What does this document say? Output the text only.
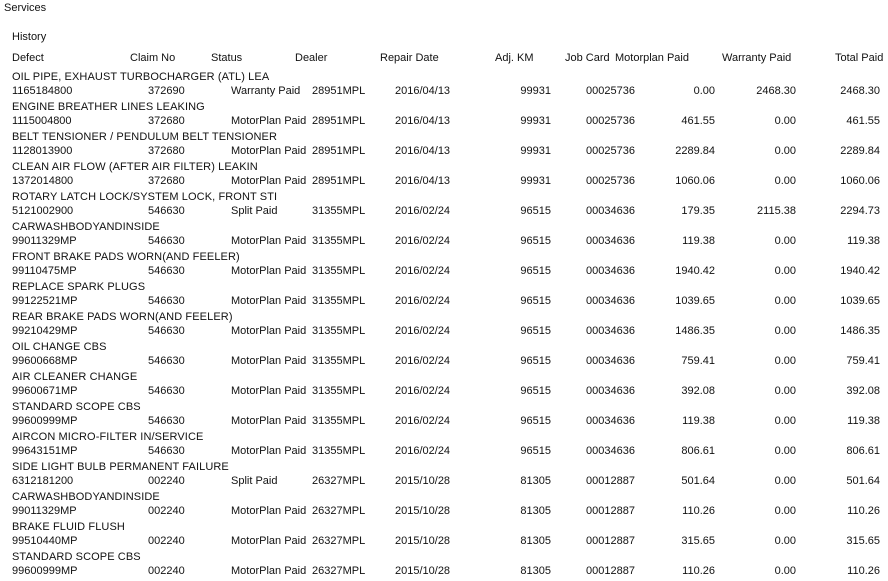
Services
History
Defect	Claim No	Status	Dealer	Repair Date	Adj. KM	Job Card Motorplan Paid	Warranty Paid	Total Paid
OIL PIPE, EXHAUST TURBOCHARGER (ATL) LEA
1165184800	372690	Warranty Paid 28951MPL	2016/04/13	99931	00025736	0.00	2468.30	2468.30
ENGINE BREATHER LINES LEAKING
1115004800	372680	MotorPlan Paid 28951MPL	2016/04/13	99931	00025736	461.55	0.00	461.55
BELT TENSIONER / PENDULUM BELT TENSIONER
1128013900	372680	MotorPlan Paid 28951MPL	2016/04/13	99931	00025736	2289.84	0.00	2289.84
CLEAN AIR FLOW (AFTER AIR FILTER) LEAKIN
1372014800	372680	MotorPlan Paid 28951MPL	2016/04/13	99931	00025736	1060.06	0.00	1060.06
ROTARY LATCH LOCK/SYSTEM LOCK, FRONT STI
5121002900	546630	Split Paid	31355MPL	2016/02/24	96515	00034636	179.35	2115.38	2294.73
CARWASHBODYANDINSIDE
99011329MP	546630	MotorPlan Paid 31355MPL	2016/02/24	96515	00034636	119.38	0.00	119.38
FRONT BRAKE PADS WORN(AND FEELER)
99110475MP	546630	MotorPlan Paid 31355MPL	2016/02/24	96515	00034636	1940.42	0.00	1940.42
REPLACE SPARK PLUGS
99122521MP	546630	MotorPlan Paid 31355MPL	2016/02/24	96515	00034636	1039.65	0.00	1039.65
REAR BRAKE PADS WORN(AND FEELER)
99210429MP	546630	MotorPlan Paid 31355MPL	2016/02/24	96515	00034636	1486.35	0.00	1486.35
OIL CHANGE CBS
99600668MP	546630	MotorPlan Paid 31355MPL	2016/02/24	96515	00034636	759.41	0.00	759.41
AIR CLEANER CHANGE
99600671MP	546630	MotorPlan Paid 31355MPL	2016/02/24	96515	00034636	392.08	0.00	392.08
STANDARD SCOPE CBS
99600999MP	546630	MotorPlan Paid 31355MPL	2016/02/24	96515	00034636	119.38	0.00	119.38
AIRCON MICRO-FILTER IN/SERVICE
99643151MP	546630	MotorPlan Paid 31355MPL	2016/02/24	96515	00034636	806.61	0.00	806.61
SIDE LIGHT BULB PERMANENT FAILURE
6312181200	002240	Split Paid	26327MPL	2015/10/28	81305	00012887	501.64	0.00	501.64
CARWASHBODYANDINSIDE
99011329MP	002240	MotorPlan Paid 26327MPL	2015/10/28	81305	00012887	110.26	0.00	110.26
BRAKE FLUID FLUSH
99510440MP	002240	MotorPlan Paid 26327MPL	2015/10/28	81305	00012887	315.65	0.00	315.65
STANDARD SCOPE CBS
99600999MP	002240	MotorPlan Paid 26327MPL	2015/10/28	81305	00012887	110.26	0.00	110.26
